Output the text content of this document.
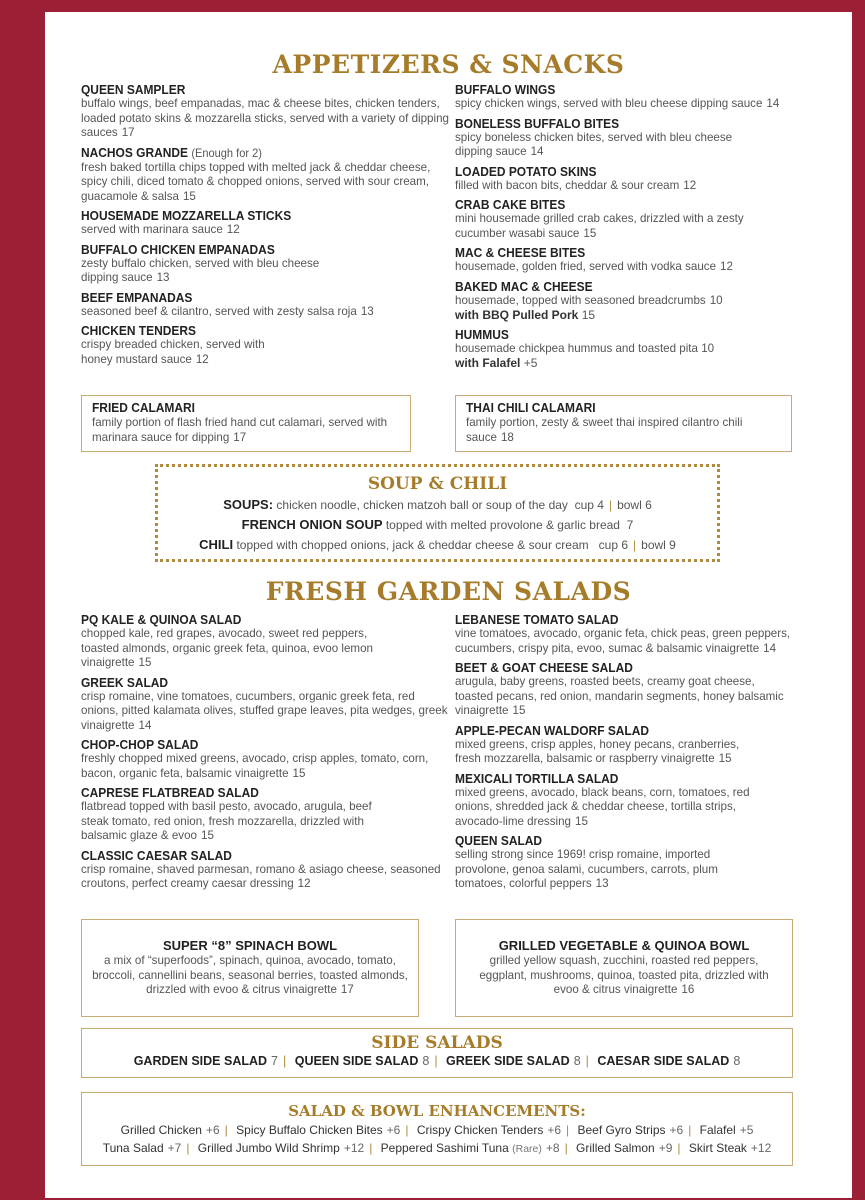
APPETIZERS & SNACKS
QUEEN SAMPLER
buffalo wings, beef empanadas, mac & cheese bites, chicken tenders, loaded potato skins & mozzarella sticks, served with a variety of dipping sauces 17
NACHOS GRANDE (Enough for 2)
fresh baked tortilla chips topped with melted jack & cheddar cheese, spicy chili, diced tomato & chopped onions, served with sour cream, guacamole & salsa 15
HOUSEMADE MOZZARELLA STICKS
served with marinara sauce 12
BUFFALO CHICKEN EMPANADAS
zesty buffalo chicken, served with bleu cheese dipping sauce 13
BEEF EMPANADAS
seasoned beef & cilantro, served with zesty salsa roja 13
CHICKEN TENDERS
crispy breaded chicken, served with honey mustard sauce 12
BUFFALO WINGS
spicy chicken wings, served with bleu cheese dipping sauce 14
BONELESS BUFFALO BITES
spicy boneless chicken bites, served with bleu cheese dipping sauce 14
LOADED POTATO SKINS
filled with bacon bits, cheddar & sour cream 12
CRAB CAKE BITES
mini housemade grilled crab cakes, drizzled with a zesty cucumber wasabi sauce 15
MAC & CHEESE BITES
housemade, golden fried, served with vodka sauce 12
BAKED MAC & CHEESE
housemade, topped with seasoned breadcrumbs 10
with BBQ Pulled Pork 15
HUMMUS
housemade chickpea hummus and toasted pita 10
with Falafel +5
FRIED CALAMARI
family portion of flash fried hand cut calamari, served with marinara sauce for dipping 17
THAI CHILI CALAMARI
family portion, zesty & sweet thai inspired cilantro chili sauce 18
SOUP & CHILI
SOUPS: chicken noodle, chicken matzoh ball or soup of the day cup 4 | bowl 6
FRENCH ONION SOUP topped with melted provolone & garlic bread 7
CHILI topped with chopped onions, jack & cheddar cheese & sour cream cup 6 | bowl 9
FRESH GARDEN SALADS
PQ KALE & QUINOA SALAD
chopped kale, red grapes, avocado, sweet red peppers, toasted almonds, organic greek feta, quinoa, evoo lemon vinaigrette 15
GREEK SALAD
crisp romaine, vine tomatoes, cucumbers, organic greek feta, red onions, pitted kalamata olives, stuffed grape leaves, pita wedges, greek vinaigrette 14
CHOP-CHOP SALAD
freshly chopped mixed greens, avocado, crisp apples, tomato, corn, bacon, organic feta, balsamic vinaigrette 15
CAPRESE FLATBREAD SALAD
flatbread topped with basil pesto, avocado, arugula, beef steak tomato, red onion, fresh mozzarella, drizzled with balsamic glaze & evoo 15
CLASSIC CAESAR SALAD
crisp romaine, shaved parmesan, romano & asiago cheese, seasoned croutons, perfect creamy caesar dressing 12
LEBANESE TOMATO SALAD
vine tomatoes, avocado, organic feta, chick peas, green peppers, cucumbers, crispy pita, evoo, sumac & balsamic vinaigrette 14
BEET & GOAT CHEESE SALAD
arugula, baby greens, roasted beets, creamy goat cheese, toasted pecans, red onion, mandarin segments, honey balsamic vinaigrette 15
APPLE-PECAN WALDORF SALAD
mixed greens, crisp apples, honey pecans, cranberries, fresh mozzarella, balsamic or raspberry vinaigrette 15
MEXICALI TORTILLA SALAD
mixed greens, avocado, black beans, corn, tomatoes, red onions, shredded jack & cheddar cheese, tortilla strips, avocado-lime dressing 15
QUEEN SALAD
selling strong since 1969! crisp romaine, imported provolone, genoa salami, cucumbers, carrots, plum tomatoes, colorful peppers 13
SUPER “8” SPINACH BOWL
a mix of “superfoods”, spinach, quinoa, avocado, tomato, broccoli, cannellini beans, seasonal berries, toasted almonds, drizzled with evoo & citrus vinaigrette 17
GRILLED VEGETABLE & QUINOA BOWL
grilled yellow squash, zucchini, roasted red peppers, eggplant, mushrooms, quinoa, toasted pita, drizzled with evoo & citrus vinaigrette 16
SIDE SALADS
GARDEN SIDE SALAD 7 | QUEEN SIDE SALAD 8 | GREEK SIDE SALAD 8 | CAESAR SIDE SALAD 8
SALAD & BOWL ENHANCEMENTS:
Grilled Chicken +6 | Spicy Buffalo Chicken Bites +6 | Crispy Chicken Tenders +6 | Beef Gyro Strips +6 | Falafel +5
Tuna Salad +7 | Grilled Jumbo Wild Shrimp +12 | Peppered Sashimi Tuna (Rare) +8 | Grilled Salmon +9 | Skirt Steak +12
